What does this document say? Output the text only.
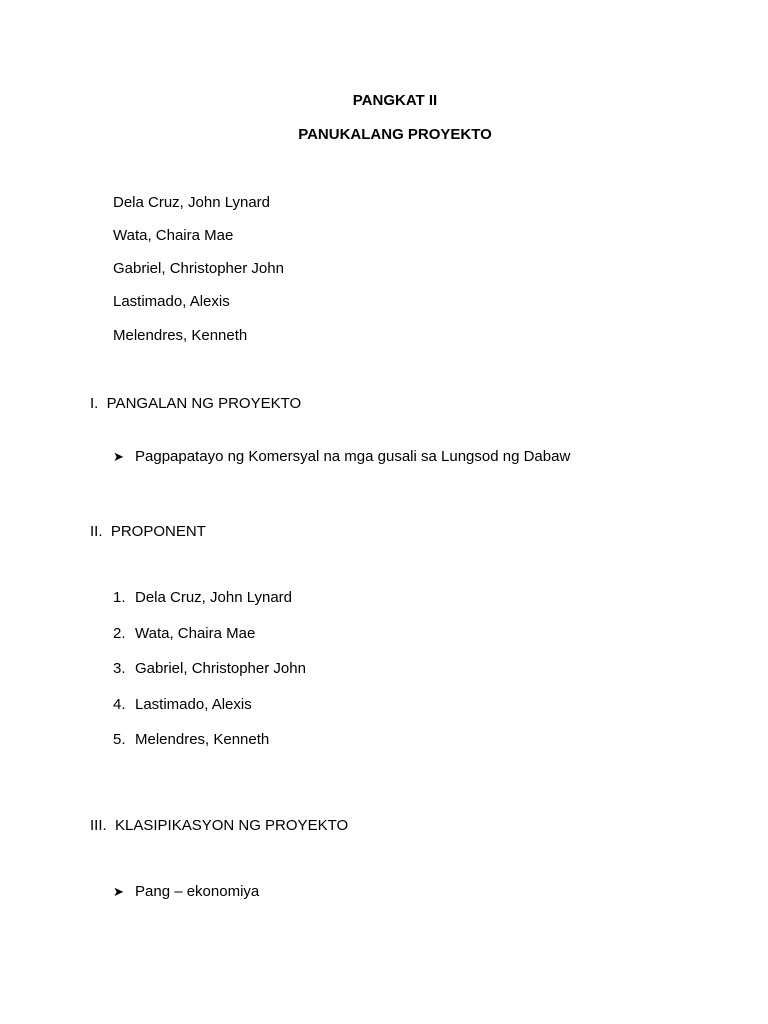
PANGKAT II
PANUKALANG PROYEKTO
Dela Cruz, John Lynard
Wata, Chaira Mae
Gabriel, Christopher John
Lastimado, Alexis
Melendres, Kenneth
I.  PANGALAN NG PROYEKTO
➤ Pagpapatayo ng Komersyal na mga gusali sa Lungsod ng Dabaw
II.  PROPONENT
1. Dela Cruz, John Lynard
2. Wata, Chaira Mae
3. Gabriel, Christopher John
4. Lastimado, Alexis
5. Melendres, Kenneth
III.  KLASIPIKASYON NG PROYEKTO
➤ Pang – ekonomiya
